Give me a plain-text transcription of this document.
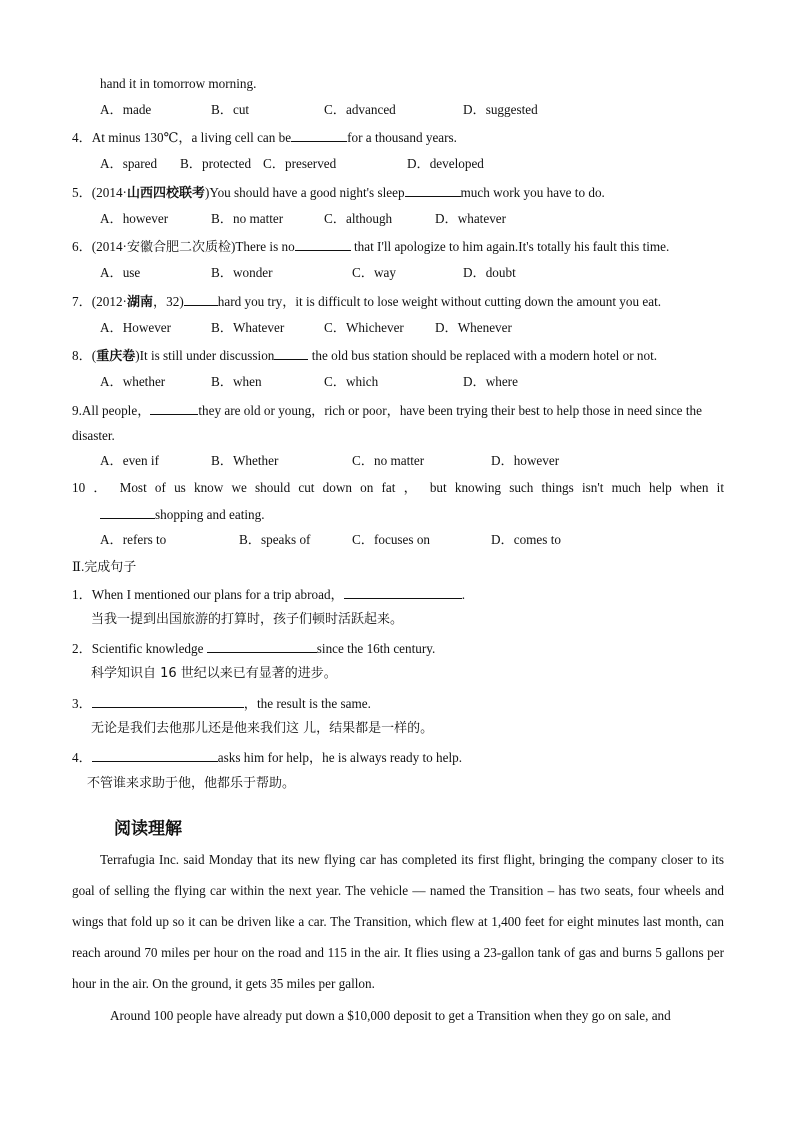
hand it in tomorrow morning.
A．made	B．cut	C．advanced	D．suggested
4．At minus 130℃，a living cell can be	for a thousand years.
A．spared B．protected C．preserved	D．developed
5．(2014·山西四校联考)You should have a good night's sleep	much work you have to do.
A．however	B．no matter	C．although	D．whatever
6．(2014·安徽合肥二次质检)There is no	that I'll apologize to him again.It's totally his fault this time.
A．use	B．wonder	C．way	D．doubt
7．(2012·湖南，32)	hard you try，it is difficult to lose weight without cutting down the amount you eat.
A．However	B．Whatever	C．Whichever D．Whenever
8．(重庆卷)It is still under discussion	the old bus station should be replaced with a modern hotel or not.
A．whether	B．when	C．which	D．where
9.All people，	they are old or young，rich or poor，have been trying their best to help those in need since the
disaster.
A．even if	B．Whether	C．no matter	D．however
10 ． Most of us know we should cut down on fat ， but knowing such things isn't much help when it
shopping and eating.
A．refers to	B．speaks of	C．focuses on	D．comes to
Ⅱ.完成句子
1．When I mentioned our plans for a trip abroad，	.
当我一提到出国旅游的打算时，孩子们顿时活跃起来。
2．Scientific knowledge	since the 16th century.
科学知识自 16 世纪以来已有显著的进步。
3．	，the result is the same.
无论是我们去他那儿还是他来我们这 儿，结果都是一样的。
4．	asks him for help，he is always ready to help.
不管谁来求助于他，他都乐于帮助。
阅读理解
Terrafugia Inc. said Monday that its new flying car has completed its first flight, bringing the company closer to its goal of selling the flying car within the next year. The vehicle — named the Transition – has two seats, four wheels and wings that fold up so it can be driven like a car. The Transition, which flew at 1,400 feet for eight minutes last month, can reach around 70 miles per hour on the road and 115 in the air. It flies using a 23-gallon tank of gas and burns 5 gallons per hour in the air. On the ground, it gets 35 miles per gallon.
Around 100 people have already put down a $10,000 deposit to get a Transition when they go on sale, and
